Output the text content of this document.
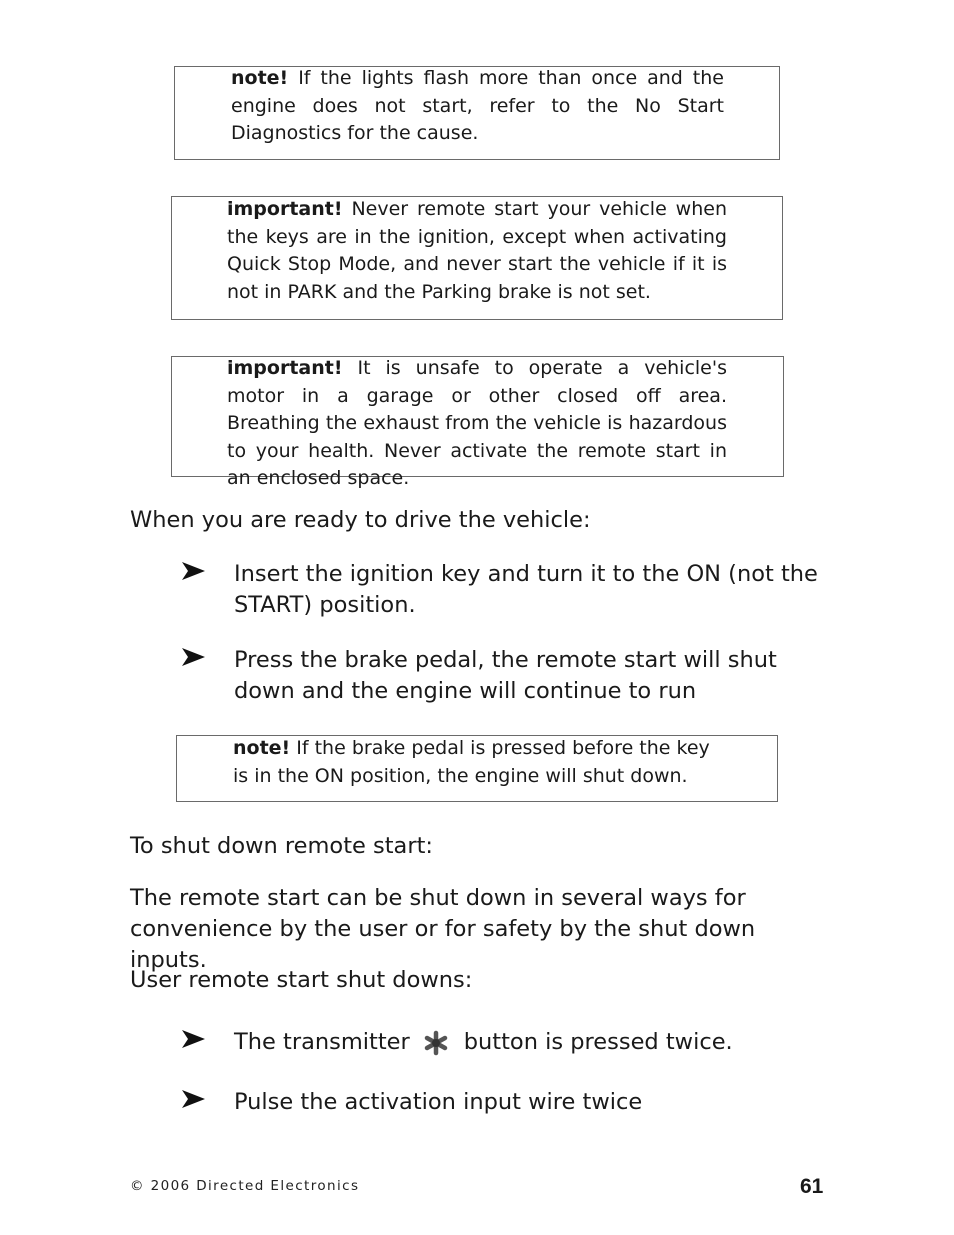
note! If the lights flash more than once and the engine does not start, refer to the No Start Diagnostics for the cause.
important! Never remote start your vehicle when the keys are in the ignition, except when activating Quick Stop Mode, and never start the vehicle if it is not in PARK and the Parking brake is not set.
important! It is unsafe to operate a vehicle's motor in a garage or other closed off area. Breathing the exhaust from the vehicle is hazardous to your health. Never activate the remote start in an enclosed space.
When you are ready to drive the vehicle:
Insert the ignition key and turn it to the ON (not the START) position.
Press the brake pedal, the remote start will shut down and the engine will continue to run
note! If the brake pedal is pressed before the key is in the ON position, the engine will shut down.
To shut down remote start:
The remote start can be shut down in several ways for convenience by the user or for safety by the shut down inputs.
User remote start shut downs:
The transmitter button is pressed twice.
Pulse the activation input wire twice
© 2006 Directed Electronics	61
